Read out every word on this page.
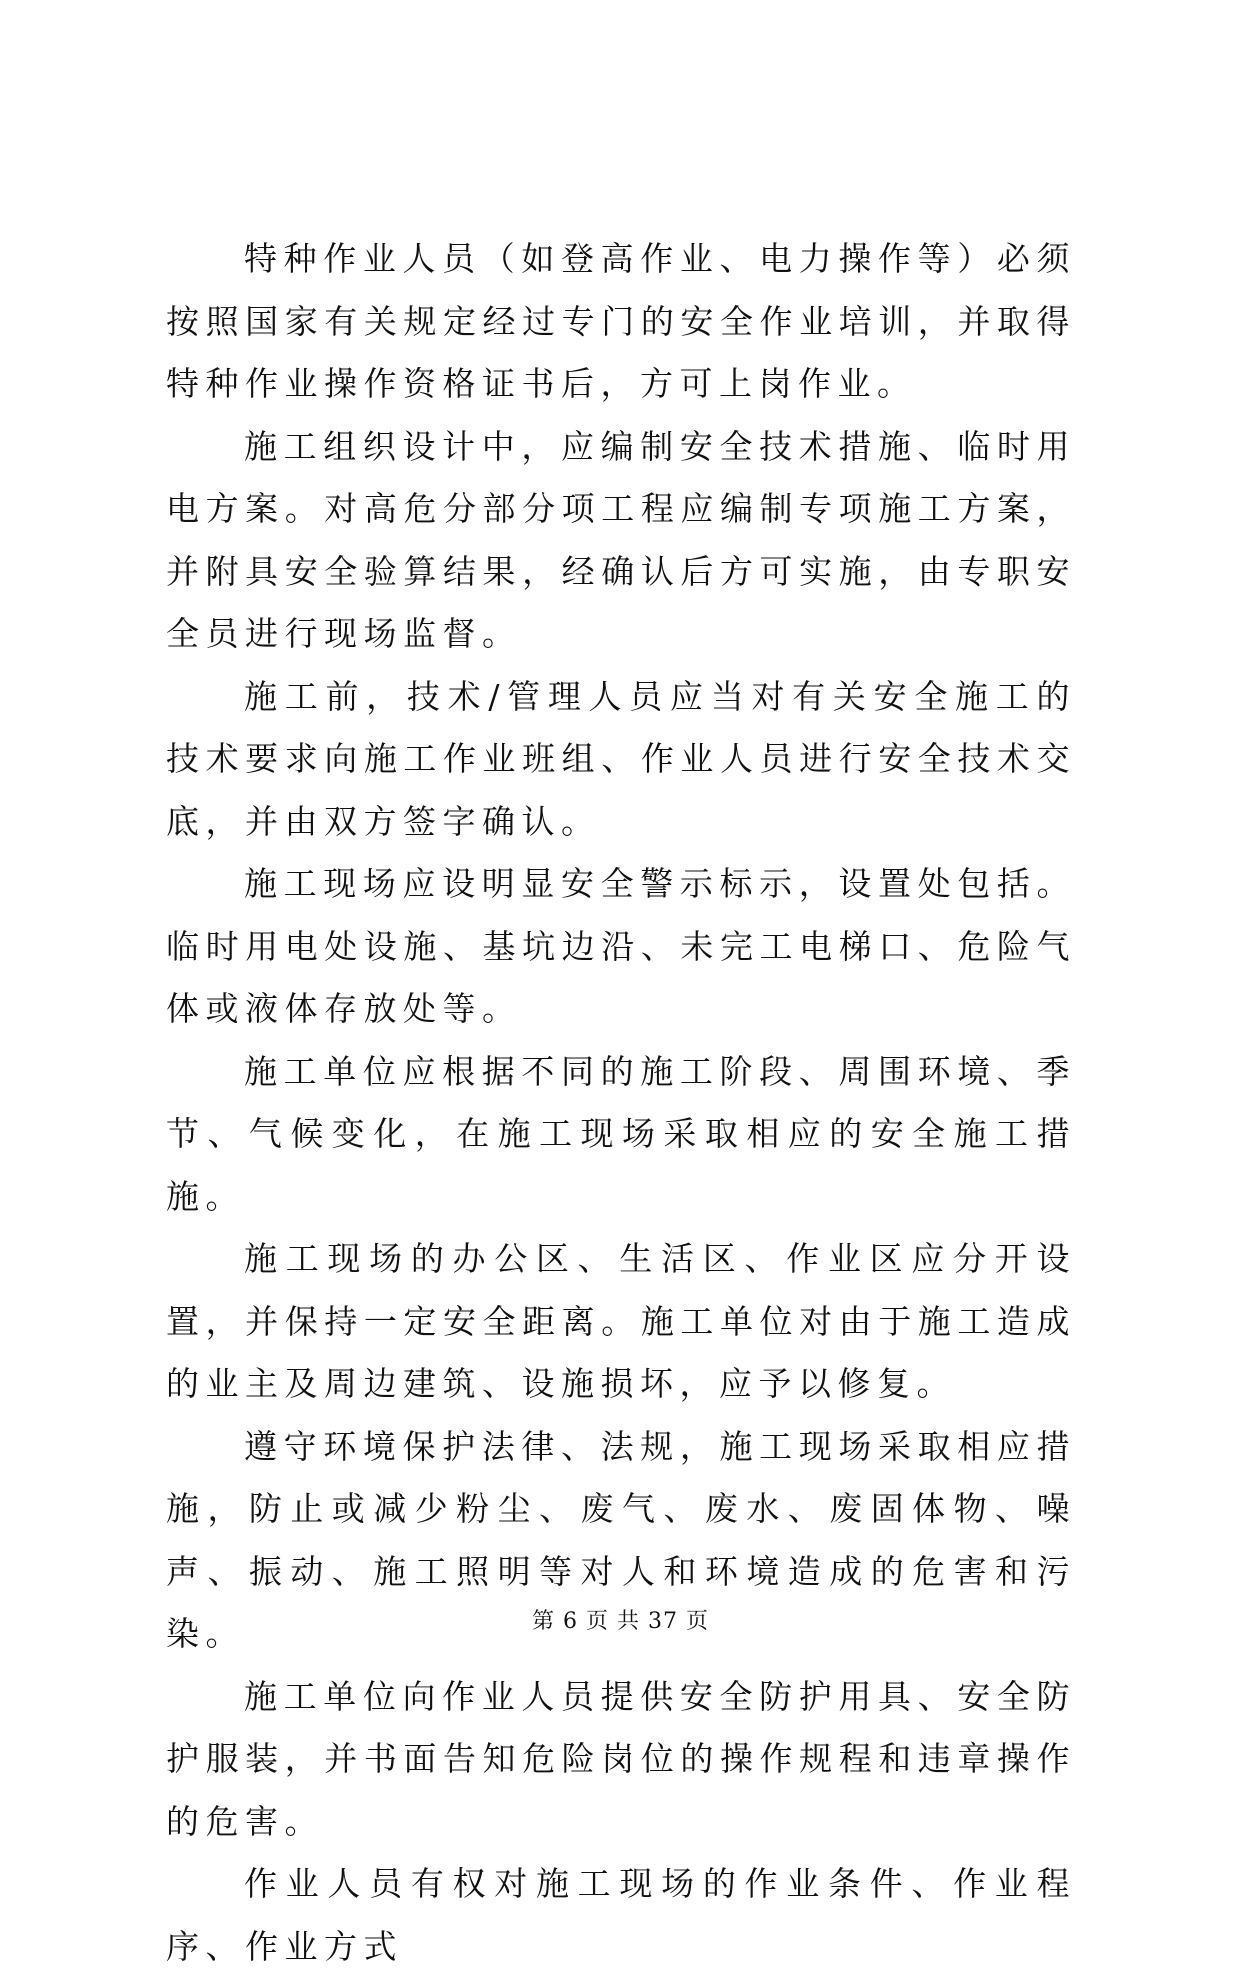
特种作业人员（如登高作业、电力操作等）必须按照国家有关规定经过专门的安全作业培训，并取得特种作业操作资格证书后，方可上岗作业。

施工组织设计中，应编制安全技术措施、临时用电方案。对高危分部分项工程应编制专项施工方案，并附具安全验算结果，经确认后方可实施，由专职安全员进行现场监督。

施工前，技术/管理人员应当对有关安全施工的技术要求向施工作业班组、作业人员进行安全技术交底，并由双方签字确认。

施工现场应设明显安全警示标示，设置处包括。临时用电处设施、基坑边沿、未完工电梯口、危险气体或液体存放处等。

施工单位应根据不同的施工阶段、周围环境、季节、气候变化，在施工现场采取相应的安全施工措施。

施工现场的办公区、生活区、作业区应分开设置，并保持一定安全距离。施工单位对由于施工造成的业主及周边建筑、设施损坏，应予以修复。

遵守环境保护法律、法规，施工现场采取相应措施，防止或减少粉尘、废气、废水、废固体物、噪声、振动、施工照明等对人和环境造成的危害和污染。

施工单位向作业人员提供安全防护用具、安全防护服装，并书面告知危险岗位的操作规程和违章操作的危害。

作业人员有权对施工现场的作业条件、作业程序、作业方式

第 6 页 共 37 页
